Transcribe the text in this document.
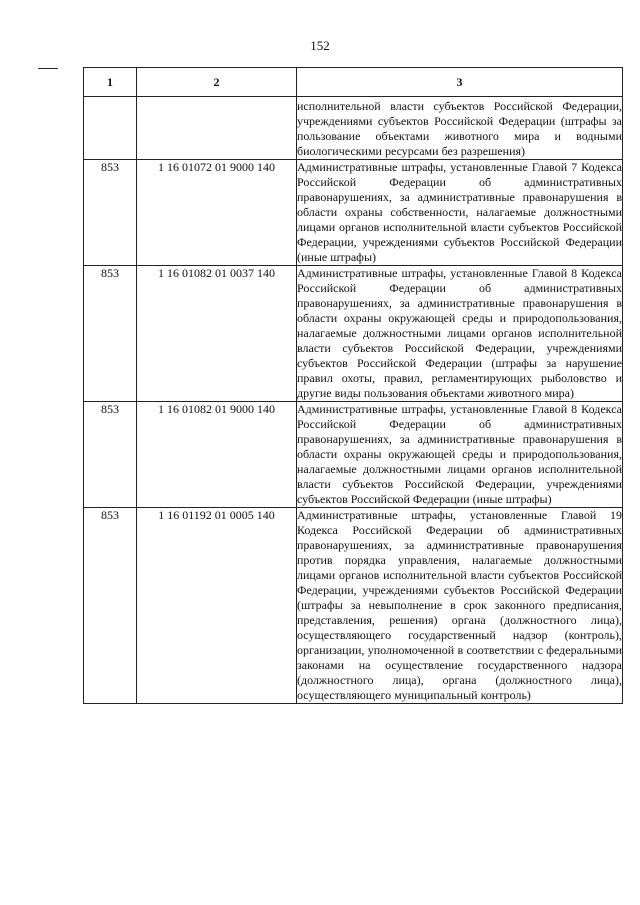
152
1	2	3
		исполнительной власти субъектов Российской Федерации, учреждениями субъектов Российской Федерации (штрафы за пользование объектами животного мира и водными биологическими ресурсами без разрешения)
853	1 16 01072 01 9000 140	Административные штрафы, установленные Главой 7 Кодекса Российской Федерации об административных правонарушениях, за административные правонарушения в области охраны собственности, налагаемые должностными лицами органов исполнительной власти субъектов Российской Федерации, учреждениями субъектов Российской Федерации (иные штрафы)
853	1 16 01082 01 0037 140	Административные штрафы, установленные Главой 8 Кодекса Российской Федерации об административных правонарушениях, за административные правонарушения в области охраны окружающей среды и природопользования, налагаемые должностными лицами органов исполнительной власти субъектов Российской Федерации, учреждениями субъектов Российской Федерации (штрафы за нарушение правил охоты, правил, регламентирующих рыболовство и другие виды пользования объектами животного мира)
853	1 16 01082 01 9000 140	Административные штрафы, установленные Главой 8 Кодекса Российской Федерации об административных правонарушениях, за административные правонарушения в области охраны окружающей среды и природопользования, налагаемые должностными лицами органов исполнительной власти субъектов Российской Федерации, учреждениями субъектов Российской Федерации (иные штрафы)
853	1 16 01192 01 0005 140	Административные штрафы, установленные Главой 19 Кодекса Российской Федерации об административных правонарушениях, за административные правонарушения против порядка управления, налагаемые должностными лицами органов исполнительной власти субъектов Российской Федерации, учреждениями субъектов Российской Федерации (штрафы за невыполнение в срок законного предписания, представления, решения) органа (должностного лица), осуществляющего государственный надзор (контроль), организации, уполномоченной в соответствии с федеральными законами на осуществление государственного надзора (должностного лица), органа (должностного лица), осуществляющего муниципальный контроль)
